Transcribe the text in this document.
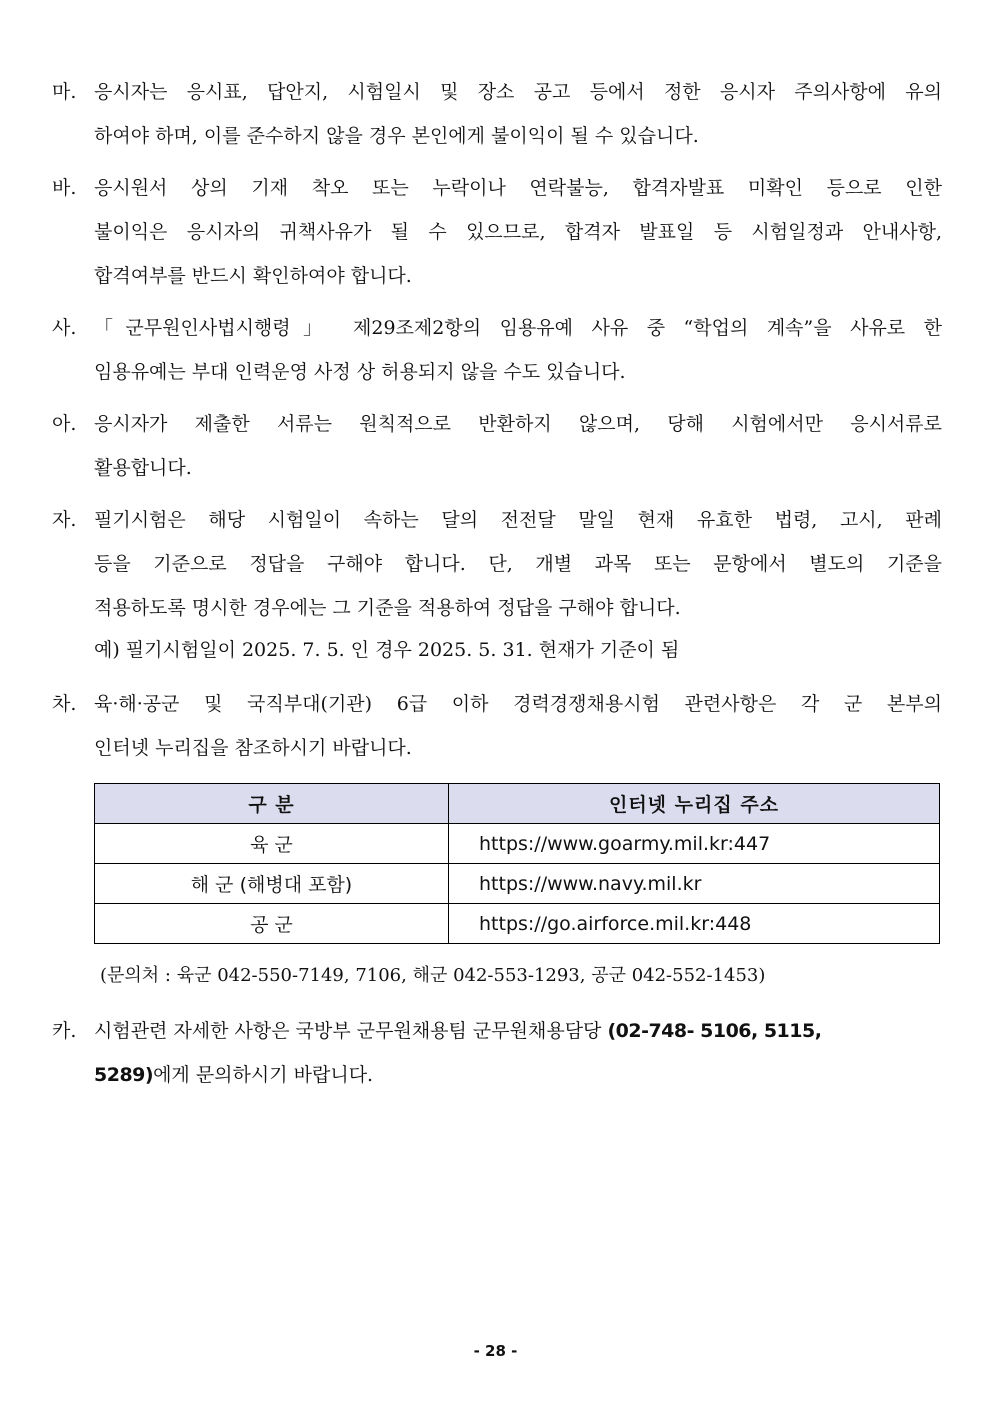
마. 응시자는 응시표, 답안지, 시험일시 및 장소 공고 등에서 정한 응시자 주의사항에 유의
하여야 하며, 이를 준수하지 않을 경우 본인에게 불이익이 될 수 있습니다.
바. 응시원서 상의 기재 착오 또는 누락이나 연락불능, 합격자발표 미확인 등으로 인한
불이익은 응시자의 귀책사유가 될 수 있으므로, 합격자 발표일 등 시험일정과 안내사항,
합격여부를 반드시 확인하여야 합니다.
사. 「군무원인사법시행령」 제29조제2항의 임용유예 사유 중 “학업의 계속”을 사유로 한
임용유예는 부대 인력운영 사정 상 허용되지 않을 수도 있습니다.
아. 응시자가 제출한 서류는 원칙적으로 반환하지 않으며, 당해 시험에서만 응시서류로
활용합니다.
자. 필기시험은 해당 시험일이 속하는 달의 전전달 말일 현재 유효한 법령, 고시, 판례
등을 기준으로 정답을 구해야 합니다. 단, 개별 과목 또는 문항에서 별도의 기준을
적용하도록 명시한 경우에는 그 기준을 적용하여 정답을 구해야 합니다.
예) 필기시험일이 2025. 7. 5. 인 경우 2025. 5. 31. 현재가 기준이 됨
차. 육·해·공군 및 국직부대(기관) 6급 이하 경력경쟁채용시험 관련사항은 각 군 본부의
인터넷 누리집을 참조하시기 바랍니다.
구 분	인터넷 누리집 주소
육 군	https://www.goarmy.mil.kr:447
해 군 (해병대 포함)	https://www.navy.mil.kr
공 군	https://go.airforce.mil.kr:448
(문의처 : 육군 042-550-7149, 7106, 해군 042-553-1293, 공군 042-552-1453)
카. 시험관련 자세한 사항은 국방부 군무원채용팀 군무원채용담당 (02-748- 5106, 5115,
5289)에게 문의하시기 바랍니다.
- 28 -
